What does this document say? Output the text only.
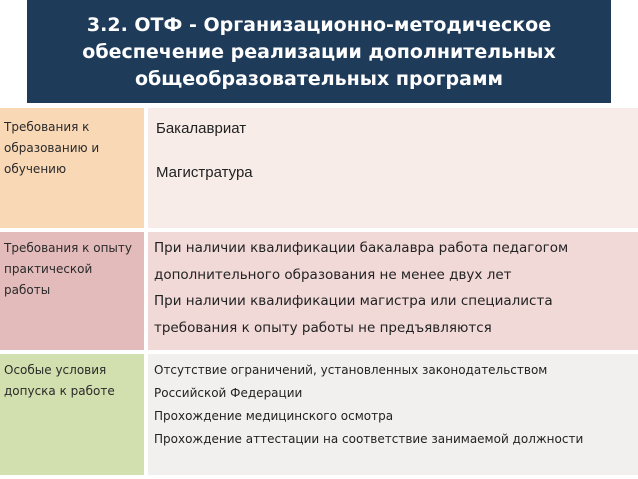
3.2. ОТФ - Организационно-методическое обеспечение реализации дополнительных общеобразовательных программ
Требования к образованию и обучению	Бакалавриат
Магистратура

Требования к опыту практической работы	При наличии квалификации бакалавра работа педагогом
дополнительного образования не менее двух лет
При наличии квалификации магистра или специалиста
требования к опыту работы не предъявляются

Особые условия допуска к работе	Отсутствие ограничений, установленных законодательством
Российской Федерации
Прохождение медицинского осмотра
Прохождение аттестации на соответствие занимаемой должности
